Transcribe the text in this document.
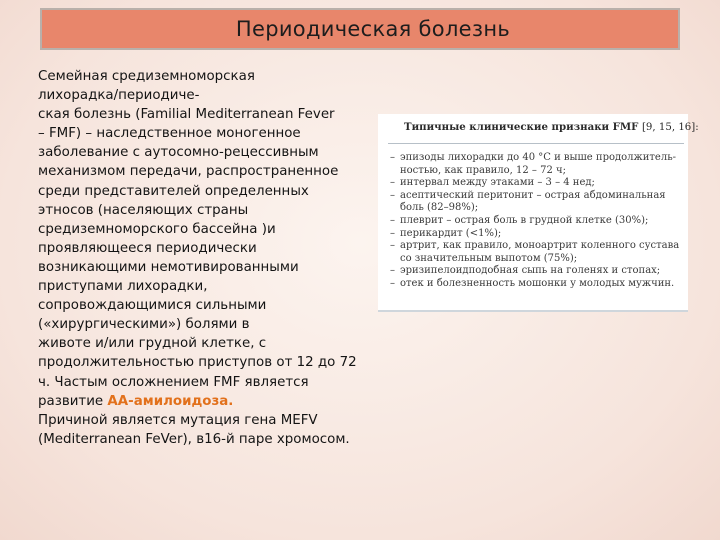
Периодическая болезнь

Семейная средиземноморская
лихорадка/периодиче-
ская болезнь (Familial Mediterranean Fever
– FMF) – наследственное моногенное
заболевание с аутосомно-рецессивным
механизмом передачи, распространенное
среди представителей определенных
этносов (населяющих страны
средиземноморского бассейна )и
проявляющееся периодически
возникающими немотивированными
приступами лихорадки,
сопровождающимися сильными
(«хирургическими») болями в
животе и/или грудной клетке, с
продолжительностью приступов от 12 до 72
ч. Частым осложнением FMF является
развитие АА-амилоидоза.

Причиной является мутация гена MEFV
(Mediterranean FeVer), в16-й паре хромосом.

Типичные клинические признаки FMF [9, 15, 16]:
– эпизоды лихорадки до 40 °C и выше продолжитель-
ностью, как правило, 12 – 72 ч;
– интервал между этаками – 3 – 4 нед;
– асептический перитонит – острая абдоминальная
боль (82–98%);
– плеврит – острая боль в грудной клетке (30%);
– перикардит (<1%);
– артрит, как правило, моноартрит коленного сустава
со значительным выпотом (75%);
– эризипелоидподобная сыпь на голенях и стопах;
– отек и болезненность мошонки у молодых мужчин.
